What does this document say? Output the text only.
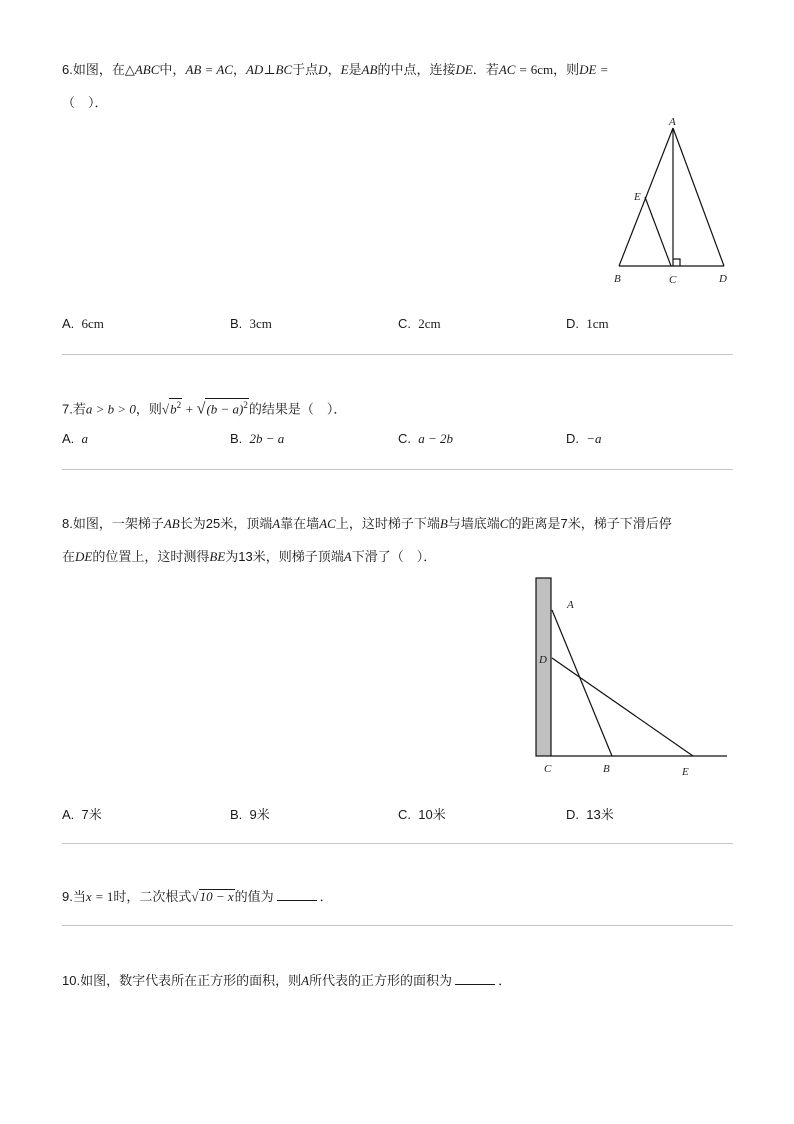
6.如图，在△ABC中，AB = AC，AD⊥BC于点D，E是AB的中点，连接DE．若AC = 6cm，则DE =
（　）．
A
E
B	C	D
A. 6cm	B. 3cm	C. 2cm	D. 1cm
7.若a > b > 0，则$√b^2 + √(b - a)^2$的结果是（　）．
A. a	B. 2b − a	C. a − 2b	D. −a
8.如图，一架梯子AB长为25米，顶端A靠在墙AC上，这时梯子下端B与墙底端C的距离是7米，梯子下滑后停
在DE的位置上，这时测得BE为13米，则梯子顶端A下滑了（　）．
A
D
C	B	E
A. 7米	B. 9米	C. 10米	D. 13米
9.当x = 1时，二次根式√10 − x的值为	．
10.如图，数字代表所在正方形的面积，则A所代表的正方形的面积为	．
